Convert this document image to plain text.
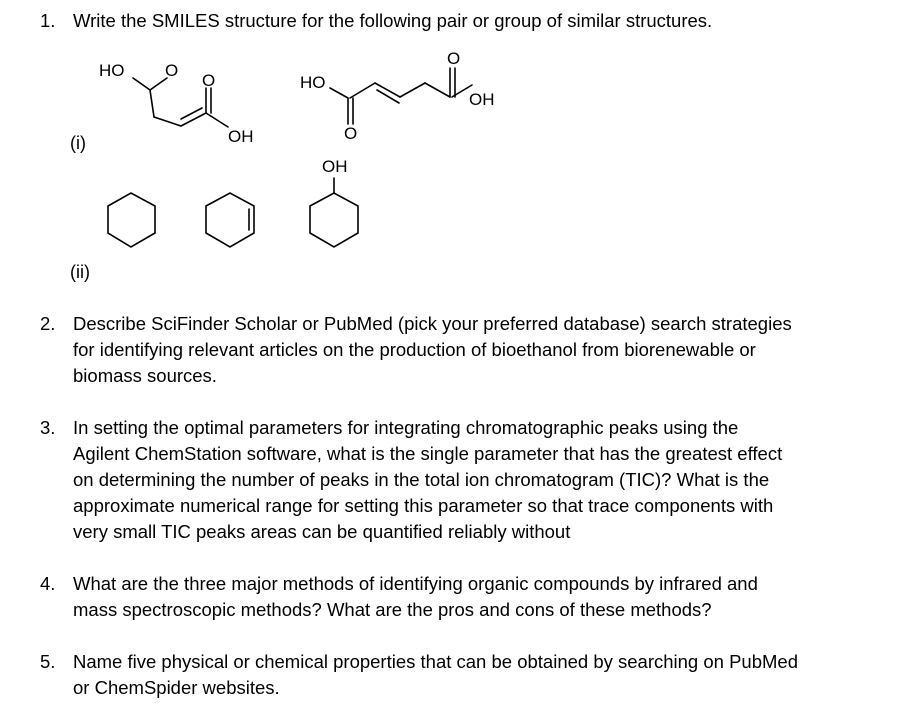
1. Write the SMILES structure for the following pair or group of similar structures.
(i)
(ii)
HO O
O
OH
HO
O
O
OH
OH
2. Describe SciFinder Scholar or PubMed (pick your preferred database) search strategies
for identifying relevant articles on the production of bioethanol from biorenewable or
biomass sources.
3. In setting the optimal parameters for integrating chromatographic peaks using the
Agilent ChemStation software, what is the single parameter that has the greatest effect
on determining the number of peaks in the total ion chromatogram (TIC)? What is the
approximate numerical range for setting this parameter so that trace components with
very small TIC peaks areas can be quantified reliably without
4. What are the three major methods of identifying organic compounds by infrared and
mass spectroscopic methods? What are the pros and cons of these methods?
5. Name five physical or chemical properties that can be obtained by searching on PubMed
or ChemSpider websites.
